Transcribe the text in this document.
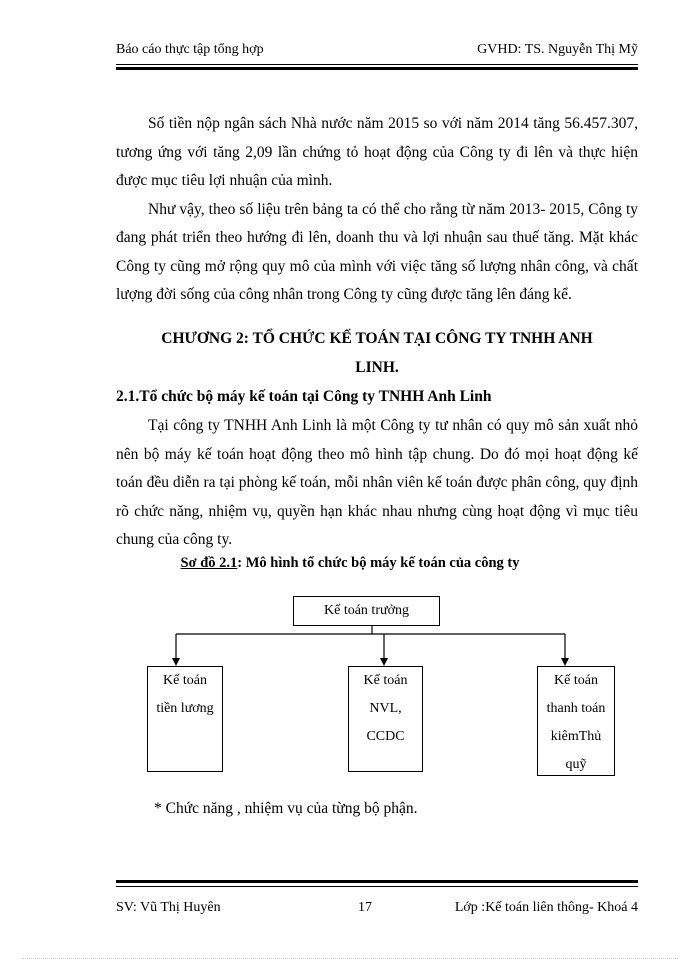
Báo cáo thực tập tổng hợp	GVHD: TS. Nguyễn Thị Mỹ

Số tiền nộp ngân sách Nhà nước năm 2015 so với năm 2014 tăng 56.457.307, tương ứng với tăng 2,09 lần chứng tỏ hoạt động của Công ty đi lên và thực hiện được mục tiêu lợi nhuận của mình.

Như vậy, theo số liệu trên bảng ta có thể cho rằng từ năm 2013- 2015, Công ty đang phát triển theo hướng đi lên, doanh thu và lợi nhuận sau thuế tăng. Mặt khác Công ty cũng mở rộng quy mô của mình với việc tăng số lượng nhân công, và chất lượng đời sống của công nhân trong Công ty cũng được tăng lên đáng kể.

CHƯƠNG 2: TỔ CHỨC KẾ TOÁN TẠI CÔNG TY TNHH ANH
LINH.
2.1.Tổ chức bộ máy kế toán tại Công ty TNHH Anh Linh

Tại công ty TNHH Anh Linh là một Công ty tư nhân có quy mô sản xuất nhỏ nên bộ máy kế toán hoạt động theo mô hình tập chung. Do đó mọi hoạt động kế toán đều diễn ra tại phòng kế toán, mỗi nhân viên kế toán được phân công, quy định rõ chức năng, nhiệm vụ, quyền hạn khác nhau nhưng cùng hoạt động vì mục tiêu chung của công ty.

Sơ đồ 2.1: Mô hình tổ chức bộ máy kế toán của công ty
Kế toán trưởng
Kế toán
tiền lương
Kế toán
NVL,
CCDC
Kế toán
thanh toán
kiêmThủ
quỹ
* Chức năng , nhiệm vụ của từng bộ phận.
SV: Vũ Thị Huyên	17	Lớp :Kế toán liên thông- Khoá 4
